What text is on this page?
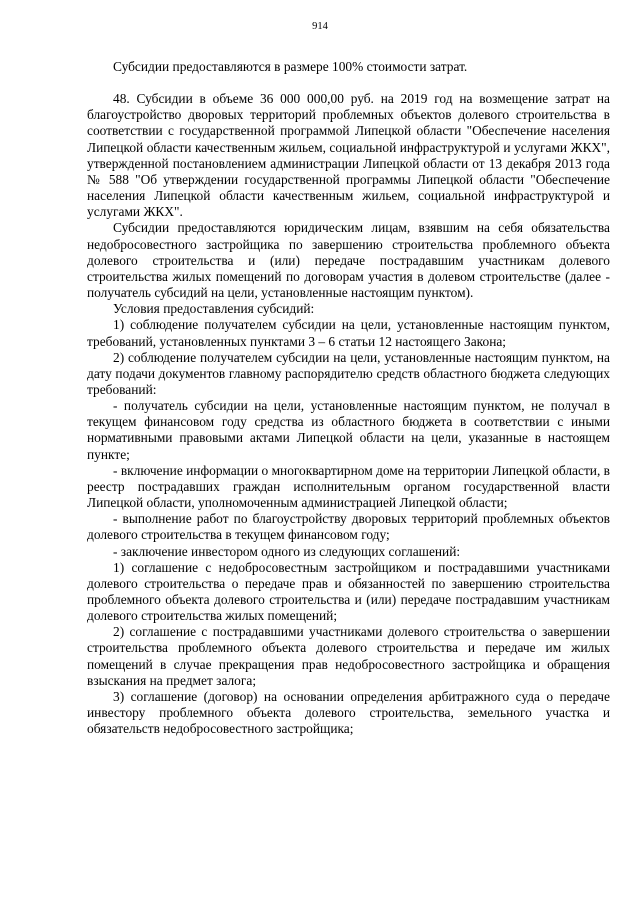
914

Субсидии предоставляются в размере 100% стоимости затрат.

48. Субсидии в объеме 36 000 000,00 руб. на 2019 год на возмещение затрат на благоустройство дворовых территорий проблемных объектов долевого строительства в соответствии с государственной программой Липецкой области "Обеспечение населения Липецкой области качественным жильем, социальной инфраструктурой и услугами ЖКХ", утвержденной постановлением администрации Липецкой области от 13 декабря 2013 года № 588 "Об утверждении государственной программы Липецкой области "Обеспечение населения Липецкой области качественным жильем, социальной инфраструктурой и услугами ЖКХ".

Субсидии предоставляются юридическим лицам, взявшим на себя обязательства недобросовестного застройщика по завершению строительства проблемного объекта долевого строительства и (или) передаче пострадавшим участникам долевого строительства жилых помещений по договорам участия в долевом строительстве (далее - получатель субсидий на цели, установленные настоящим пунктом).

Условия предоставления субсидий:

1) соблюдение получателем субсидии на цели, установленные настоящим пунктом, требований, установленных пунктами 3 – 6 статьи 12 настоящего Закона;

2) соблюдение получателем субсидии на цели, установленные настоящим пунктом, на дату подачи документов главному распорядителю средств областного бюджета следующих требований:

- получатель субсидии на цели, установленные настоящим пунктом, не получал в текущем финансовом году средства из областного бюджета в соответствии с иными нормативными правовыми актами Липецкой области на цели, указанные в настоящем пункте;

- включение информации о многоквартирном доме на территории Липецкой области, в реестр пострадавших граждан исполнительным органом государственной власти Липецкой области, уполномоченным администрацией Липецкой области;

- выполнение работ по благоустройству дворовых территорий проблемных объектов долевого строительства в текущем финансовом году;

- заключение инвестором одного из следующих соглашений:

1) соглашение с недобросовестным застройщиком и пострадавшими участниками долевого строительства о передаче прав и обязанностей по завершению строительства проблемного объекта долевого строительства и (или) передаче пострадавшим участникам долевого строительства жилых помещений;

2) соглашение с пострадавшими участниками долевого строительства о завершении строительства проблемного объекта долевого строительства и передаче им жилых помещений в случае прекращения прав недобросовестного застройщика и обращения взыскания на предмет залога;

3) соглашение (договор) на основании определения арбитражного суда о передаче инвестору проблемного объекта долевого строительства, земельного участка и обязательств недобросовестного застройщика;
